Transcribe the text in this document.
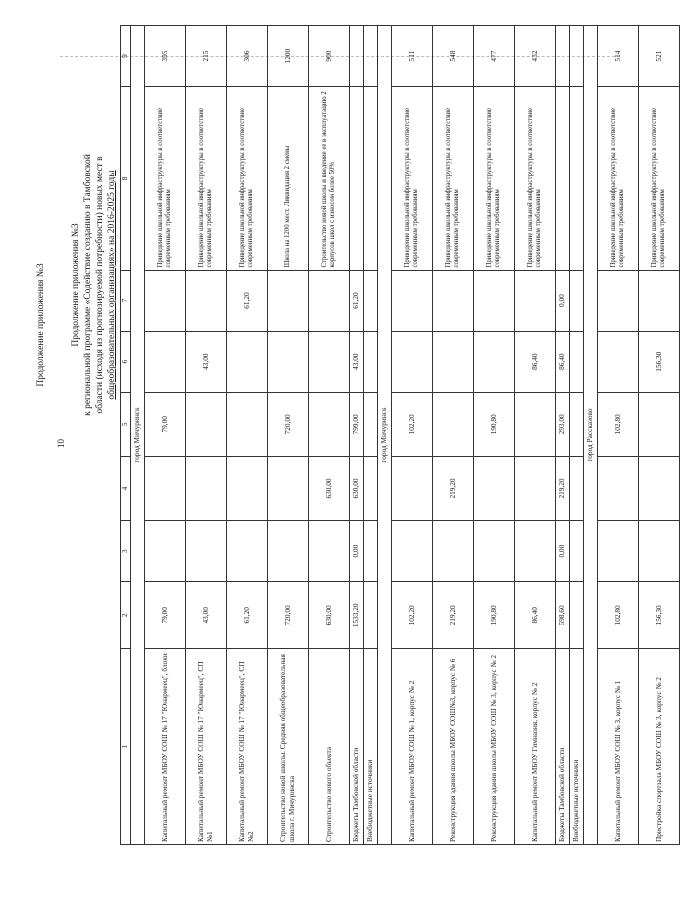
10
Продолжение приложения №3	Продолжение приложения №3 к региональной программе «Содействие созданию в Тамбовской области (исходя из прогнозируемой потребности) новых мест в общеобразовательных организациях» на 2016-2025 годы
1	2	3	4	5	6	7	8	9
город Мичуринск								
Капитальный ремонт МБОУ СОШ № 17 "Юнармеец", блоки	79,00			79,00			Приведение школьной инфраструктуры в соответствие современным требованиям	395
Капитальный ремонт МБОУ СОШ № 17 "Юнармеец", СП №1	43,00				43,00		Приведение школьной инфраструктуры в соответствие современным требованиям	215
Капитальный ремонт МБОУ СОШ № 17 "Юнармеец", СП №2	61,20					61,20	Приведение школьной инфраструктуры в соответствие современным требованиям	306
Строительство новой школы. Средняя общеобразовательная школа г. Мичуринска	720,00			720,00			Школа на 1200 мест. Ликвидация 2 смены	1200
Строительство нового объекта	630,00		630,00				Строительство новой школы и введение ее в эксплуатацию 2 корпусов школ с износом более 50%	900
Бюджеты Тамбовской области	1533,20	0,00	630,00	799,00	43,00	61,20		
Внебюджетные источники								
город Мичуринск								
Капитальный ремонт МБОУ СОШ № 1, корпус № 2	102,20			102,20			Приведение школьной инфраструктуры в соответствие современным требованиям	511
Реконструкция здания школы МБОУ СОШ№3, корпус № 6	219,20		219,20				Приведение школьной инфраструктуры в соответствие современным требованиям	548
Реконструкция здания школы МБОУ СОШ № 3, корпус № 2	190,80			190,80			Приведение школьной инфраструктуры в соответствие современным требованиям	477
Капитальный ремонт МБОУ Гимназия, корпус № 2	86,40				86,40		Приведение школьной инфраструктуры в соответствие современным требованиям	432
Бюджеты Тамбовской области	598,60	0,00	219,20	293,00	86,40	0,00		
Внебюджетные источники								
город Рассказово								
Капитальный ремонт МБОУ СОШ № 3, корпус № 1	102,80			102,80			Приведение школьной инфраструктуры в соответствие современным требованиям	514
Пристройка спортзала МБОУ СОШ № 3, корпус № 2	156,30				156,30		Приведение школьной инфраструктуры в соответствие современным требованиям	521
